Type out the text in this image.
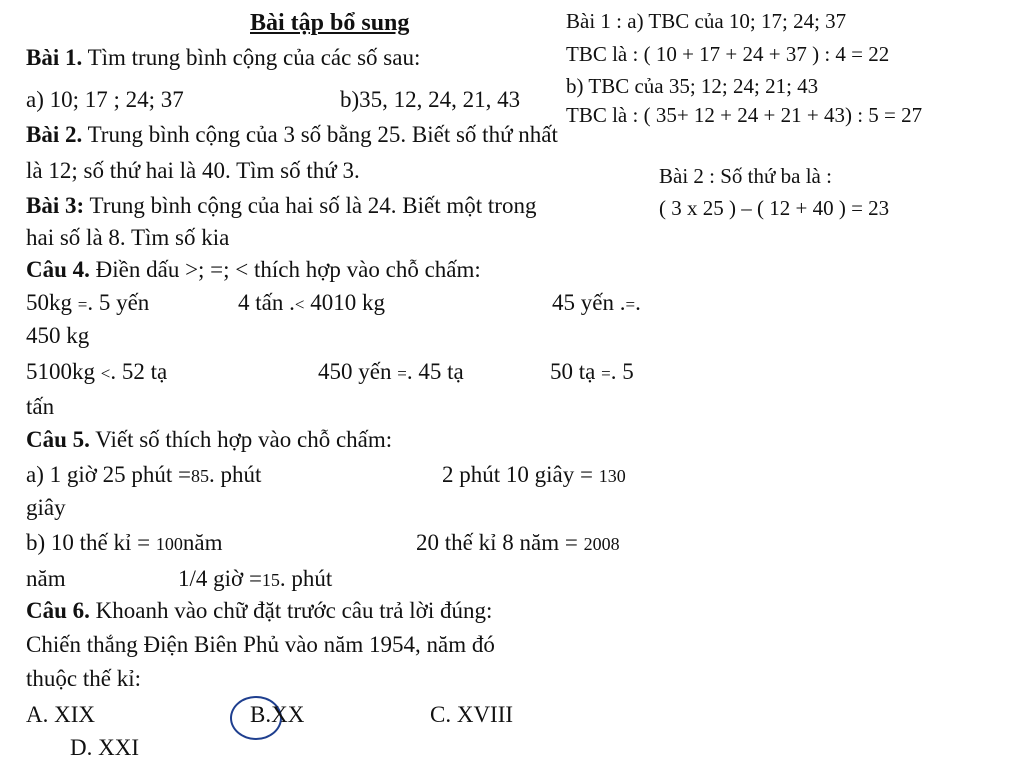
Bài tập bổ sung
Bài 1. Tìm trung bình cộng của các số sau:
a) 10; 17 ; 24; 37	b)35, 12, 24, 21, 43
Bài 2. Trung bình cộng của 3 số bằng 25. Biết số thứ nhất
là 12; số thứ hai là 40. Tìm số thứ 3.
Bài 3: Trung bình cộng của hai số là 24. Biết một trong
hai số là 8. Tìm số kia
Câu 4. Điền dấu >; =; < thích hợp vào chỗ chấm:
50kg =. 5 yến	4 tấn .< 4010 kg	45 yến .=.
450 kg
5100kg <. 52 tạ	450 yến =. 45 tạ	50 tạ =. 5
tấn
Câu 5. Viết số thích hợp vào chỗ chấm:
a) 1 giờ 25 phút =85. phút	2 phút 10 giây = 130
giây
b) 10 thế kỉ = 100năm	20 thế kỉ 8 năm = 2008
năm	1/4 giờ =15. phút
Câu 6. Khoanh vào chữ đặt trước câu trả lời đúng:
Chiến thắng Điện Biên Phủ vào năm 1954, năm đó
thuộc thế kỉ:
A. XIX	B.XX	C. XVIII
D. XXI
Bài 1 : a) TBC của 10; 17; 24; 37
TBC là : ( 10 + 17 + 24 + 37 ) : 4 = 22
b) TBC của 35; 12; 24; 21; 43
TBC là : ( 35+ 12 + 24 + 21 + 43) : 5 = 27
Bài 2 : Số thứ ba là :
( 3 x 25 ) – ( 12 + 40 ) = 23
